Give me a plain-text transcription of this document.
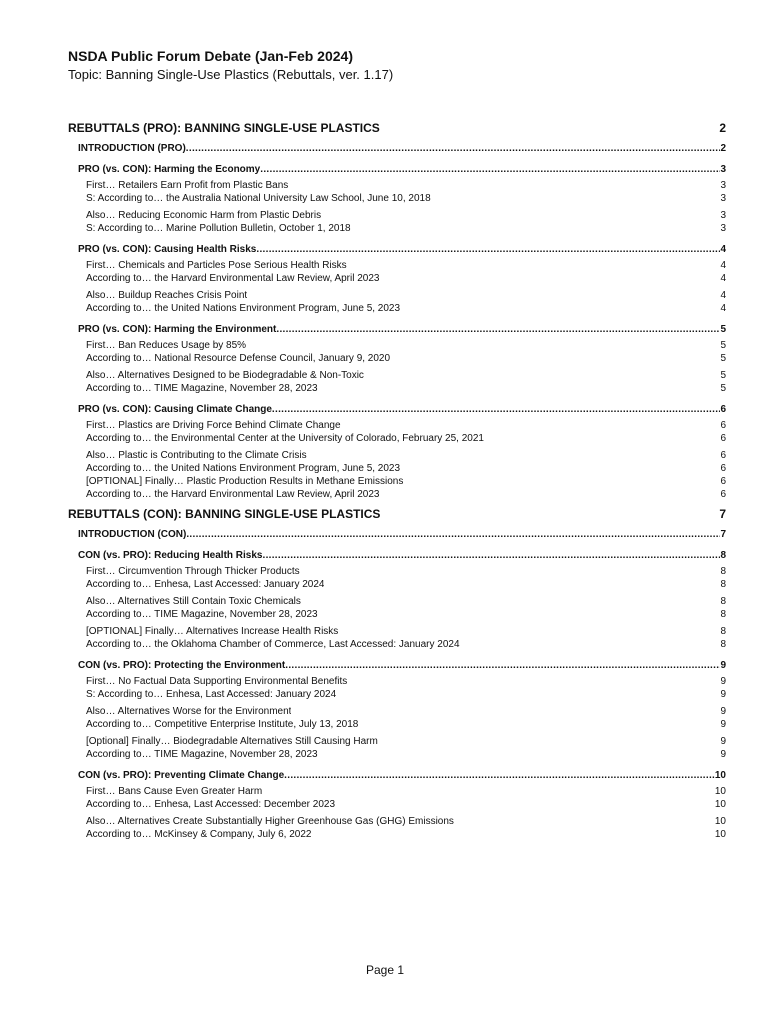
NSDA Public Forum Debate (Jan-Feb 2024)
Topic: Banning Single-Use Plastics (Rebuttals, ver. 1.17)
REBUTTALS (PRO): BANNING SINGLE-USE PLASTICS	2
INTRODUCTION (PRO) .....	2
PRO (vs. CON): Harming the Economy .....	3
First… Retailers Earn Profit from Plastic Bans	3
S: According to… the Australia National University Law School, June 10, 2018	3
Also… Reducing Economic Harm from Plastic Debris	3
S: According to… Marine Pollution Bulletin, October 1, 2018	3
PRO (vs. CON): Causing Health Risks .....	4
First… Chemicals and Particles Pose Serious Health Risks	4
According to… the Harvard Environmental Law Review, April 2023	4
Also… Buildup Reaches Crisis Point	4
According to… the United Nations Environment Program, June 5, 2023	4
PRO (vs. CON): Harming the Environment .....	5
First… Ban Reduces Usage by 85%	5
According to… National Resource Defense Council, January 9, 2020	5
Also… Alternatives Designed to be Biodegradable & Non-Toxic	5
According to… TIME Magazine, November 28, 2023	5
PRO (vs. CON): Causing Climate Change .....	6
First… Plastics are Driving Force Behind Climate Change	6
According to… the Environmental Center at the University of Colorado, February 25, 2021	6
Also… Plastic is Contributing to the Climate Crisis	6
According to… the United Nations Environment Program, June 5, 2023	6
[OPTIONAL] Finally… Plastic Production Results in Methane Emissions	6
According to… the Harvard Environmental Law Review, April 2023	6
REBUTTALS (CON): BANNING SINGLE-USE PLASTICS	7
INTRODUCTION (CON) .....	7
CON (vs. PRO): Reducing Health Risks .....	8
First… Circumvention Through Thicker Products	8
According to… Enhesa, Last Accessed: January 2024	8
Also… Alternatives Still Contain Toxic Chemicals	8
According to… TIME Magazine, November 28, 2023	8
[OPTIONAL] Finally… Alternatives Increase Health Risks	8
According to… the Oklahoma Chamber of Commerce, Last Accessed: January 2024	8
CON (vs. PRO): Protecting the Environment .....	9
First… No Factual Data Supporting Environmental Benefits	9
S: According to… Enhesa, Last Accessed: January 2024	9
Also… Alternatives Worse for the Environment	9
According to… Competitive Enterprise Institute, July 13, 2018	9
[Optional] Finally… Biodegradable Alternatives Still Causing Harm	9
According to… TIME Magazine, November 28, 2023	9
CON (vs. PRO): Preventing Climate Change .....	10
First… Bans Cause Even Greater Harm	10
According to… Enhesa, Last Accessed: December 2023	10
Also… Alternatives Create Substantially Higher Greenhouse Gas (GHG) Emissions	10
According to… McKinsey & Company, July 6, 2022	10
Page 1
